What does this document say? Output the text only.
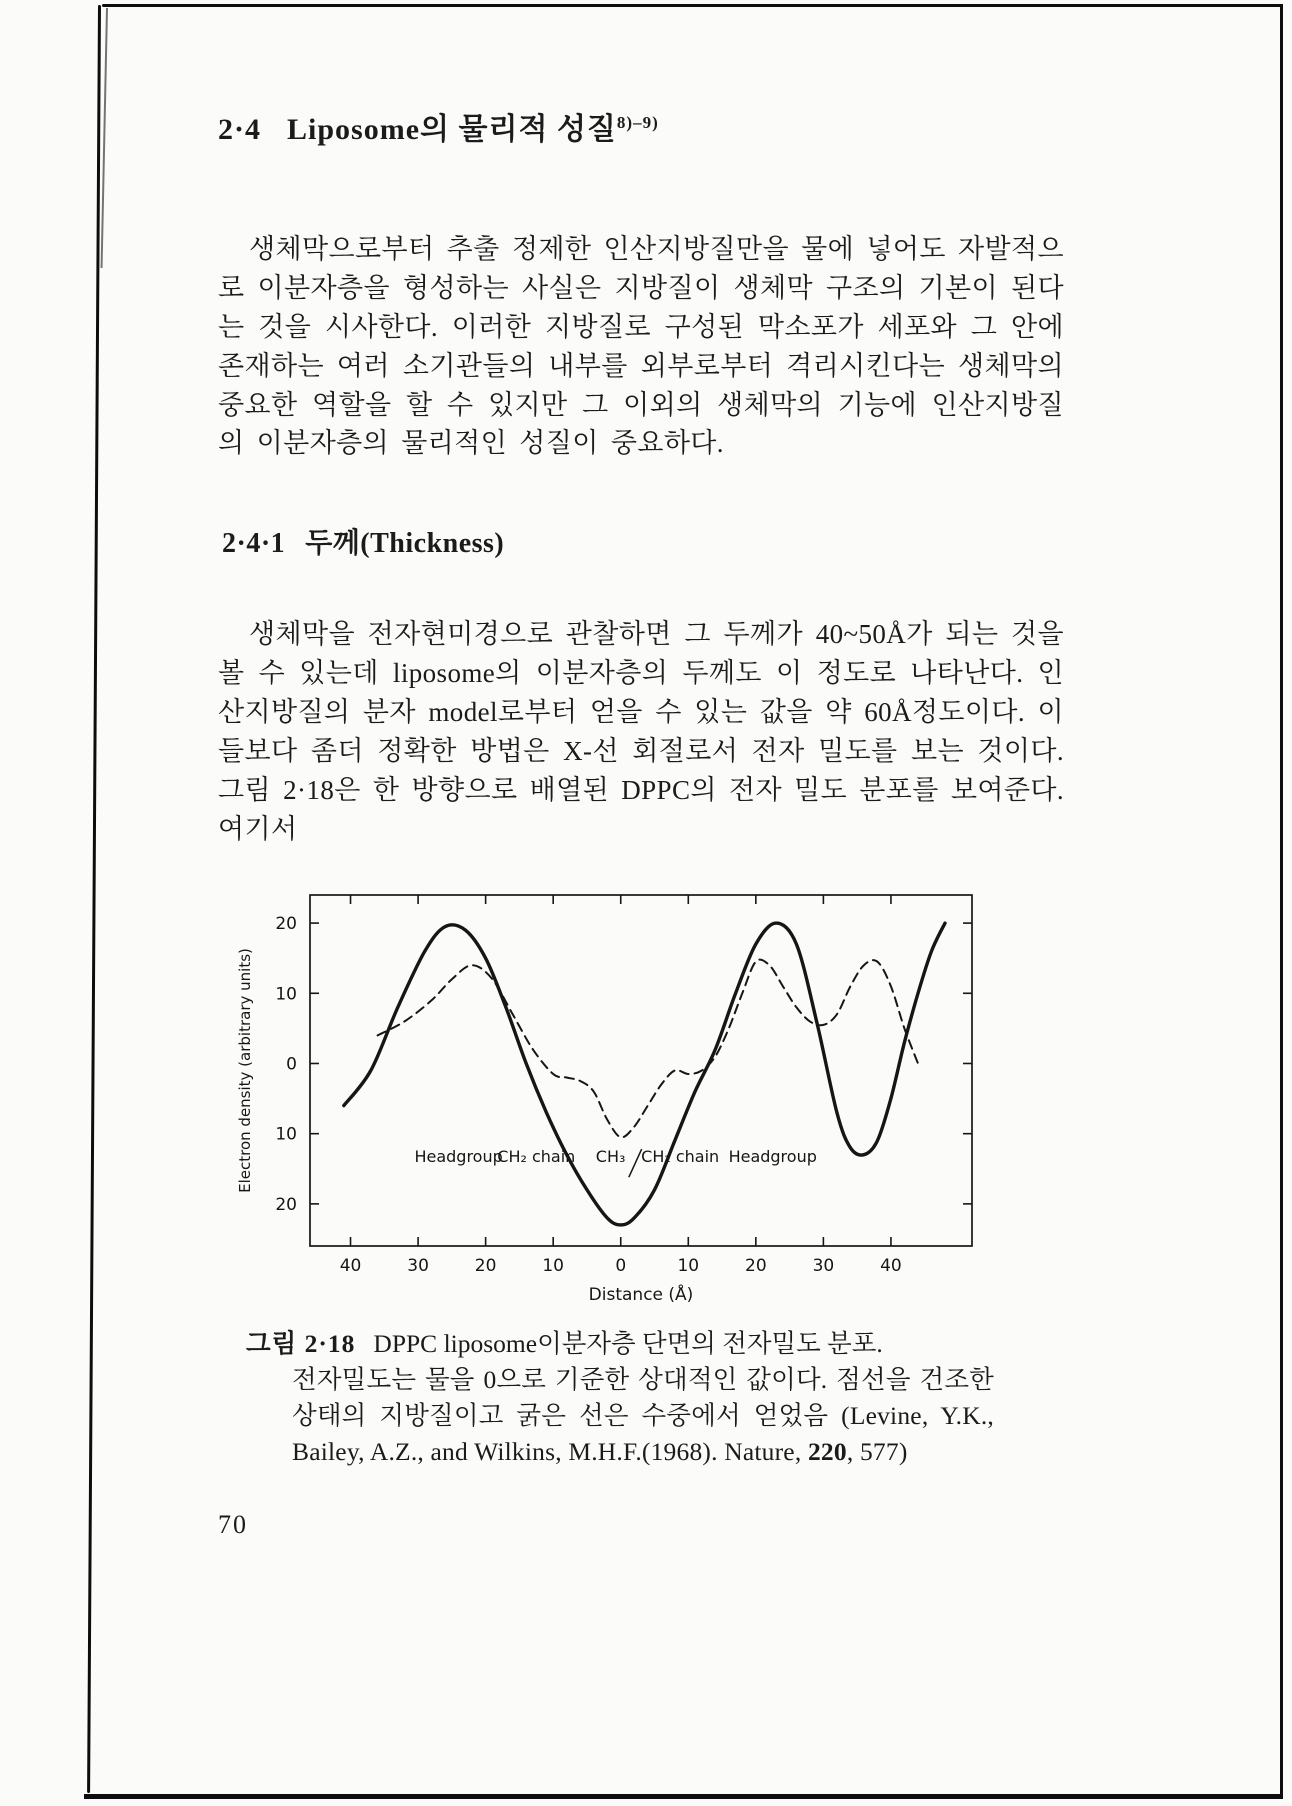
2·4 Liposome의 물리적 성질$^{8)-9)}$

생체막으로부터 추출 정제한 인산지방질만을 물에 넣어도 자발적으로 이분자층을 형성하는 사실은 지방질이 생체막 구조의 기본이 된다는 것을 시사한다. 이러한 지방질로 구성된 막소포가 세포와 그 안에 존재하는 여러 소기관들의 내부를 외부로부터 격리시킨다는 생체막의 중요한 역할을 할 수 있지만 그 이외의 생체막의 기능에 인산지방질의 이분자층의 물리적인 성질이 중요하다.

2·4·1 두께(Thickness)

생체막을 전자현미경으로 관찰하면 그 두께가 40~50Å가 되는 것을 볼 수 있는데 liposome의 이분자층의 두께도 이 정도로 나타난다. 인산지방질의 분자 model로부터 얻을 수 있는 값을 약 60Å정도이다. 이들보다 좀더 정확한 방법은 X-선 회절로서 전자 밀도를 보는 것이다. 그림 2·18은 한 방향으로 배열된 DPPC의 전자 밀도 분포를 보여준다. 여기서

40	30	20	10	0	10	20	30	40
20
10
0
10
20
Distance (Å)
Electron density (arbitrary units)	Headgroup
CH₂ chain CH₃ CH₂ chain Headgroup
그림 2·18 DPPC liposome이분자층 단면의 전자밀도 분포.
전자밀도는 물을 0으로 기준한 상대적인 값이다. 점선을 건조한 상태의 지방질이고 굵은 선은 수중에서 얻었음 (Levine, Y.K., Bailey, A.Z., and Wilkins, M.H.F.(1968). Nature, 220, 577)
70
